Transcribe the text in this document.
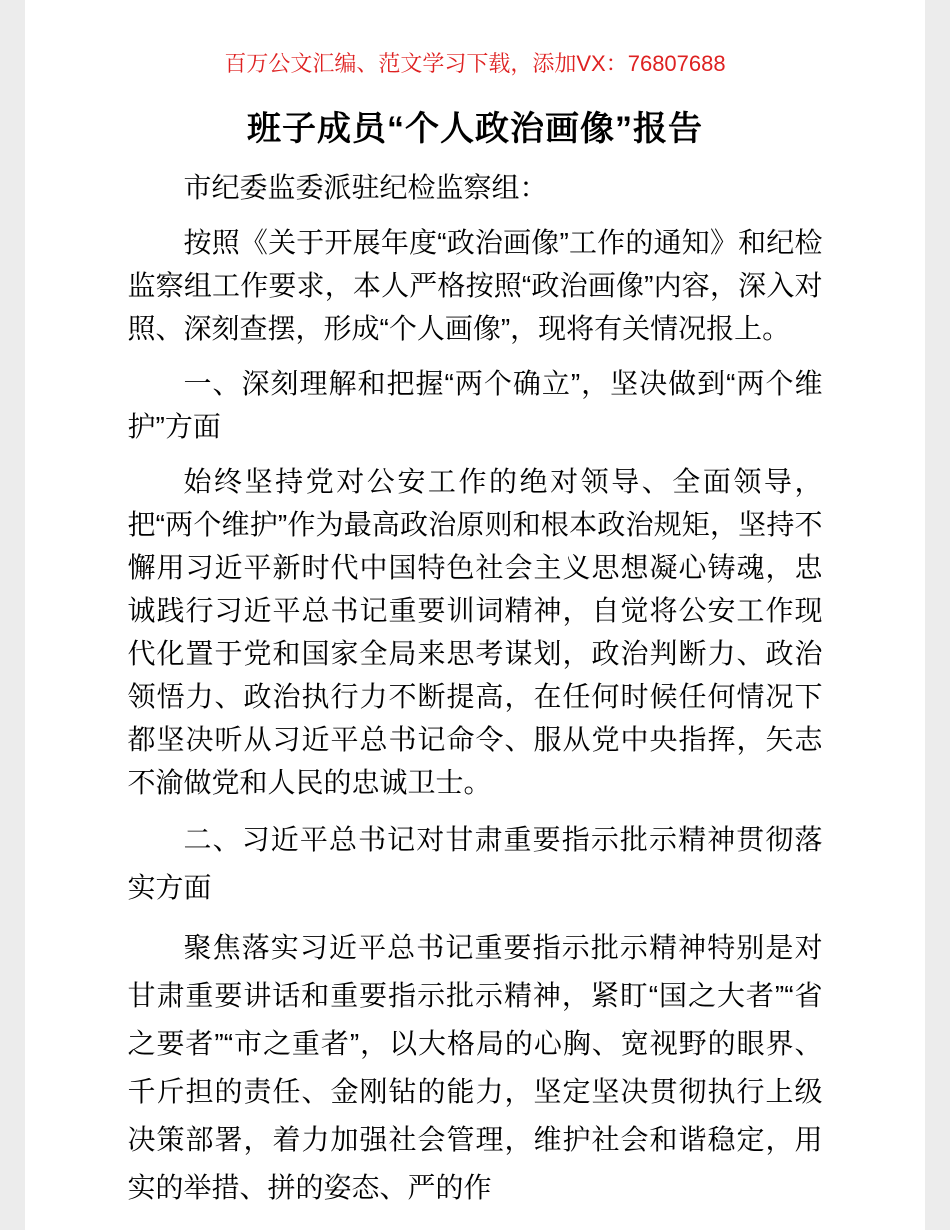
百万公文汇编、范文学习下载，添加VX：76807688
班子成员“个人政治画像”报告

市纪委监委派驻纪检监察组：

按照《关于开展年度“政治画像”工作的通知》和纪检监察组工作要求，本人严格按照“政治画像”内容，深入对照、深刻查摆，形成“个人画像”，现将有关情况报上。

一、深刻理解和把握“两个确立”，坚决做到“两个维护”方面

始终坚持党对公安工作的绝对领导、全面领导，把“两个维护”作为最高政治原则和根本政治规矩，坚持不懈用习近平新时代中国特色社会主义思想凝心铸魂，忠诚践行习近平总书记重要训词精神，自觉将公安工作现代化置于党和国家全局来思考谋划，政治判断力、政治领悟力、政治执行力不断提高，在任何时候任何情况下都坚决听从习近平总书记命令、服从党中央指挥，矢志不渝做党和人民的忠诚卫士。

二、习近平总书记对甘肃重要指示批示精神贯彻落实方面

聚焦落实习近平总书记重要指示批示精神特别是对甘肃重要讲话和重要指示批示精神，紧盯“国之大者”“省之要者”“市之重者”，以大格局的心胸、宽视野的眼界、千斤担的责任、金刚钻的能力，坚定坚决贯彻执行上级决策部署，着力加强社会管理，维护社会和谐稳定，用实的举措、拼的姿态、严的作
